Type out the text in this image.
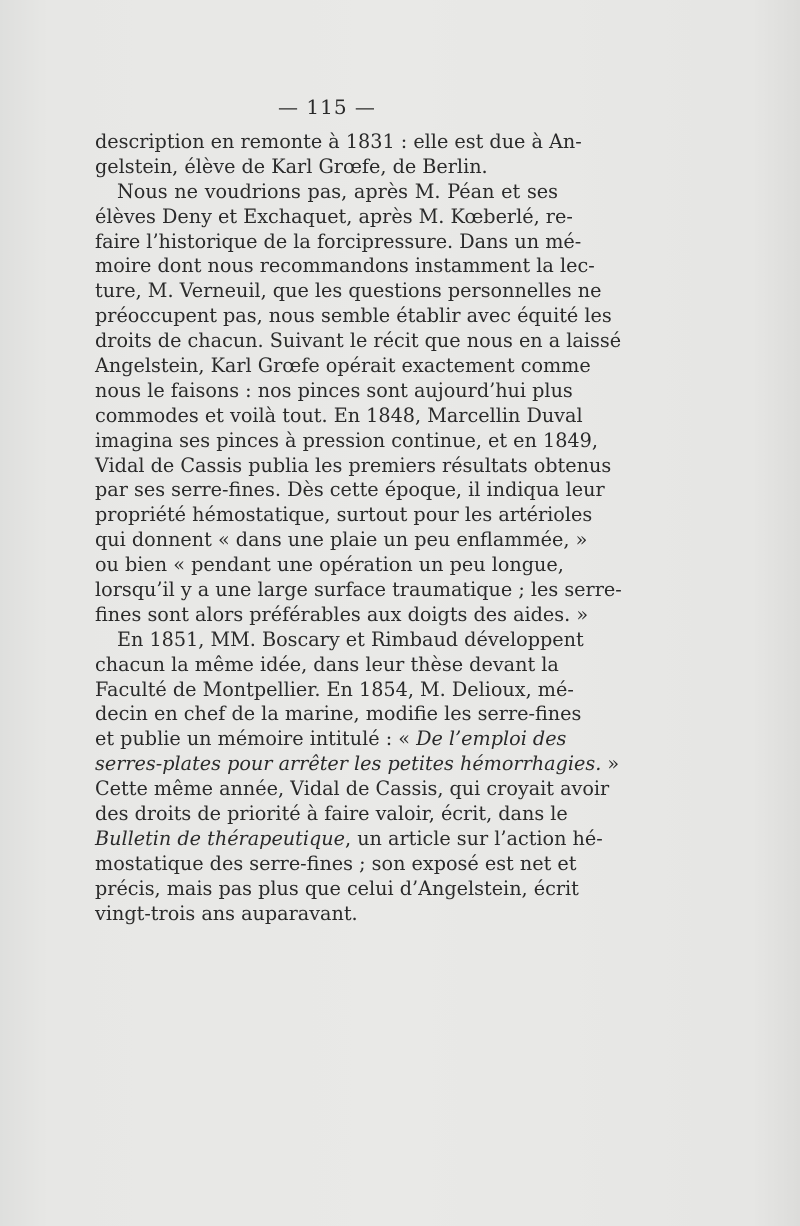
— 115 —
description en remonte à 1831 : elle est due à An-
gelstein, élève de Karl Grœfe, de Berlin.
Nous ne voudrions pas, après M. Péan et ses
élèves Deny et Exchaquet, après M. Kœberlé, re-
faire l’historique de la forcipressure. Dans un mé-
moire dont nous recommandons instamment la lec-
ture, M. Verneuil, que les questions personnelles ne
préoccupent pas, nous semble établir avec équité les
droits de chacun. Suivant le récit que nous en a laissé
Angelstein, Karl Grœfe opérait exactement comme
nous le faisons : nos pinces sont aujourd’hui plus
commodes et voilà tout. En 1848, Marcellin Duval
imagina ses pinces à pression continue, et en 1849,
Vidal de Cassis publia les premiers résultats obtenus
par ses serre-fines. Dès cette époque, il indiqua leur
propriété hémostatique, surtout pour les artérioles
qui donnent « dans une plaie un peu enflammée, »
ou bien « pendant une opération un peu longue,
lorsqu’il y a une large surface traumatique ; les serre-
fines sont alors préférables aux doigts des aides. »
En 1851, MM. Boscary et Rimbaud développent
chacun la même idée, dans leur thèse devant la
Faculté de Montpellier. En 1854, M. Delioux, mé-
decin en chef de la marine, modifie les serre-fines
et publie un mémoire intitulé : « De l’emploi des
serres-plates pour arrêter les petites hémorrhagies. »
Cette même année, Vidal de Cassis, qui croyait avoir
des droits de priorité à faire valoir, écrit, dans le
Bulletin de thérapeutique, un article sur l’action hé-
mostatique des serre-fines ; son exposé est net et
précis, mais pas plus que celui d’Angelstein, écrit
vingt-trois ans auparavant.
